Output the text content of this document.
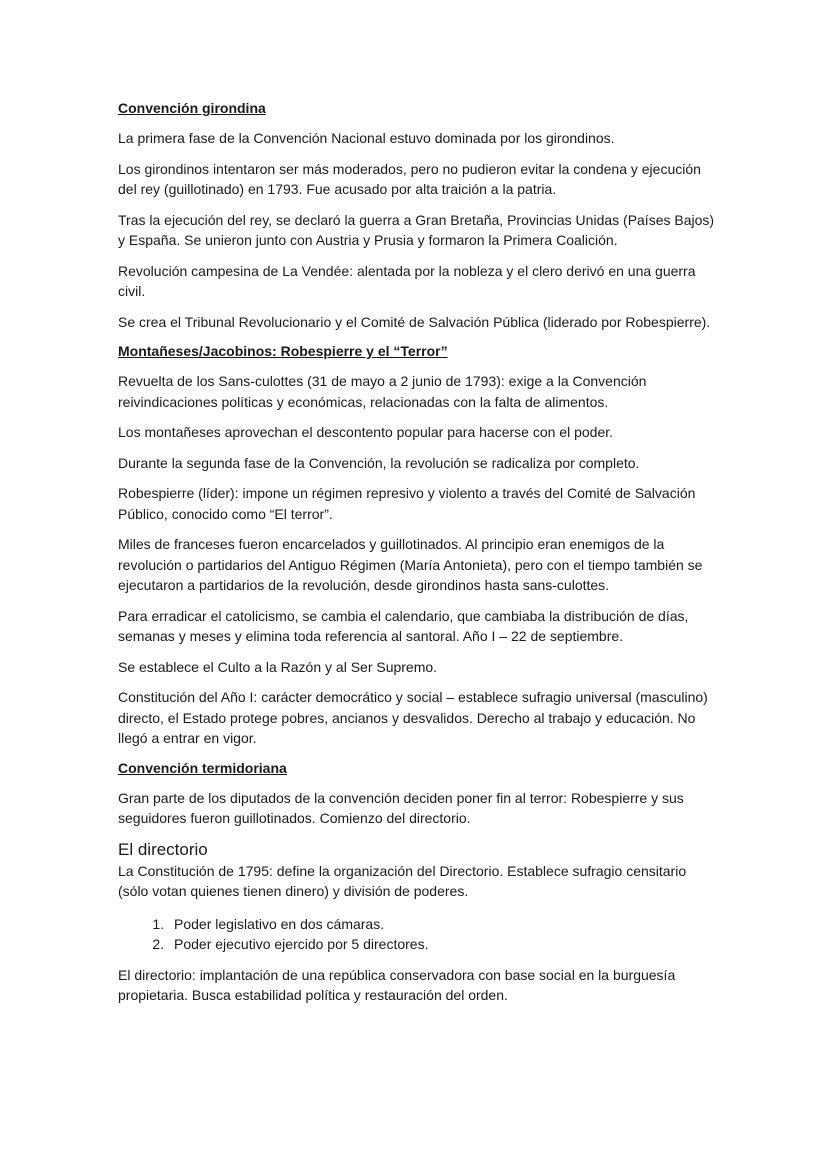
Convención girondina

La primera fase de la Convención Nacional estuvo dominada por los girondinos.

Los girondinos intentaron ser más moderados, pero no pudieron evitar la condena y ejecución del rey (guillotinado) en 1793. Fue acusado por alta traición a la patria.

Tras la ejecución del rey, se declaró la guerra a Gran Bretaña, Provincias Unidas (Países Bajos) y España. Se unieron junto con Austria y Prusia y formaron la Primera Coalición.

Revolución campesina de La Vendée: alentada por la nobleza y el clero derivó en una guerra civil.

Se crea el Tribunal Revolucionario y el Comité de Salvación Pública (liderado por Robespierre).

Montañeses/Jacobinos: Robespierre y el “Terror”

Revuelta de los Sans-culottes (31 de mayo a 2 junio de 1793): exige a la Convención reivindicaciones políticas y económicas, relacionadas con la falta de alimentos.

Los montañeses aprovechan el descontento popular para hacerse con el poder.

Durante la segunda fase de la Convención, la revolución se radicaliza por completo.

Robespierre (líder): impone un régimen represivo y violento a través del Comité de Salvación Público, conocido como “El terror”.

Miles de franceses fueron encarcelados y guillotinados. Al principio eran enemigos de la revolución o partidarios del Antiguo Régimen (María Antonieta), pero con el tiempo también se ejecutaron a partidarios de la revolución, desde girondinos hasta sans-culottes.

Para erradicar el catolicismo, se cambia el calendario, que cambiaba la distribución de días, semanas y meses y elimina toda referencia al santoral. Año I – 22 de septiembre.

Se establece el Culto a la Razón y al Ser Supremo.

Constitución del Año I: carácter democrático y social – establece sufragio universal (masculino) directo, el Estado protege pobres, ancianos y desvalidos. Derecho al trabajo y educación. No llegó a entrar en vigor.

Convención termidoriana

Gran parte de los diputados de la convención deciden poner fin al terror: Robespierre y sus seguidores fueron guillotinados. Comienzo del directorio.

El directorio

La Constitución de 1795: define la organización del Directorio. Establece sufragio censitario (sólo votan quienes tienen dinero) y división de poderes.

1. Poder legislativo en dos cámaras.
2. Poder ejecutivo ejercido por 5 directores.

El directorio: implantación de una república conservadora con base social en la burguesía propietaria. Busca estabilidad política y restauración del orden.
